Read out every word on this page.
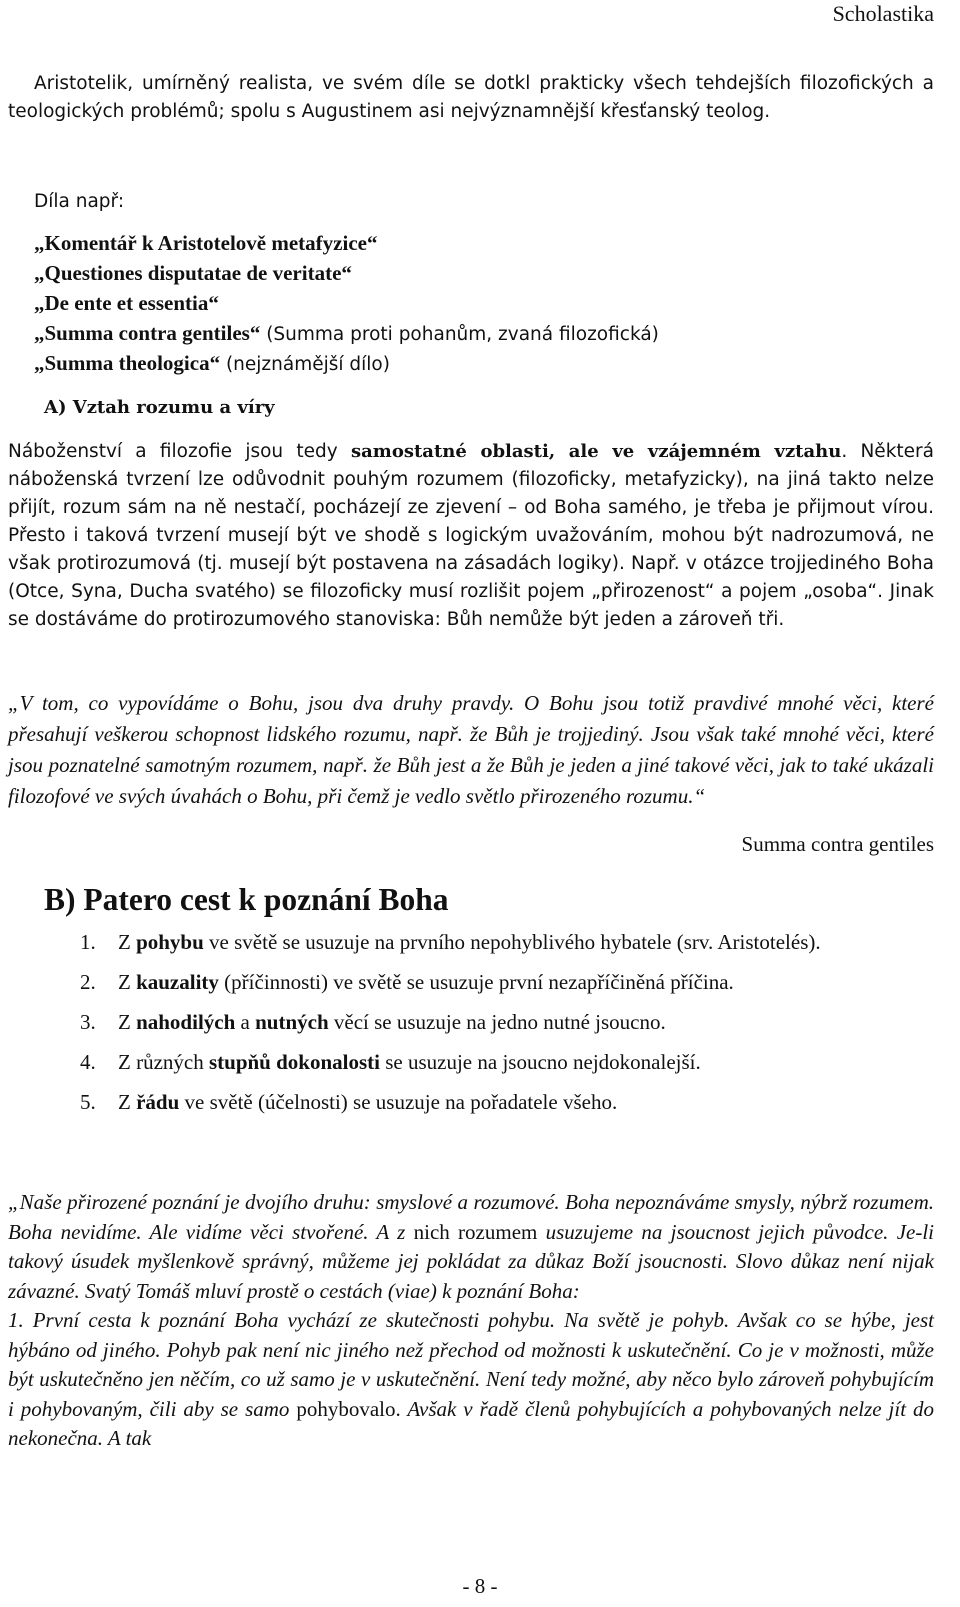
Scholastika

Aristotelik, umírněný realista, ve svém díle se dotkl prakticky všech tehdejších filozofických a teologických problémů; spolu s Augustinem asi nejvýznamnější křesťanský teolog.

Díla např:

„Komentář k Aristotelově metafyzice“
„Questiones disputatae de veritate“
„De ente et essentia“
„Summa contra gentiles“ (Summa proti pohanům, zvaná filozofická)
„Summa theologica“ (nejznámější dílo)
A) Vztah rozumu a víry

Náboženství a filozofie jsou tedy samostatné oblasti, ale ve vzájemném vztahu. Některá náboženská tvrzení lze odůvodnit pouhým rozumem (filozoficky, metafyzicky), na jiná takto nelze přijít, rozum sám na ně nestačí, pocházejí ze zjevení – od Boha samého, je třeba je přijmout vírou. Přesto i taková tvrzení musejí být ve shodě s logickým uvažováním, mohou být nadrozumová, ne však protirozumová (tj. musejí být postavena na zásadách logiky). Např. v otázce trojjediného Boha (Otce, Syna, Ducha svatého) se filozoficky musí rozlišit pojem „přirozenost“ a pojem „osoba“. Jinak se dostáváme do protirozumového stanoviska: Bůh nemůže být jeden a zároveň tři.

„V tom, co vypovídáme o Bohu, jsou dva druhy pravdy. O Bohu jsou totiž pravdivé mnohé věci, které přesahují veškerou schopnost lidského rozumu, např. že Bůh je trojjediný. Jsou však také mnohé věci, které jsou poznatelné samotným rozumem, např. že Bůh jest a že Bůh je jeden a jiné takové věci, jak to také ukázali filozofové ve svých úvahách o Bohu, při čemž je vedlo světlo přirozeného rozumu.“

Summa contra gentiles

B) Patero cest k poznání Boha
1. Z pohybu ve světě se usuzuje na prvního nepohyblivého hybatele (srv. Aristotelés).
2. Z kauzality (příčinnosti) ve světě se usuzuje první nezapříčiněná příčina.
3. Z nahodilých a nutných věcí se usuzuje na jedno nutné jsoucno.
4. Z různých stupňů dokonalosti se usuzuje na jsoucno nejdokonalejší.
5. Z řádu ve světě (účelnosti) se usuzuje na pořadatele všeho.

„Naše přirozené poznání je dvojího druhu: smyslové a rozumové. Boha nepoznáváme smysly, nýbrž rozumem. Boha nevidíme. Ale vidíme věci stvořené. A z nich rozumem usuzujeme na jsoucnost jejich původce. Je-li takový úsudek myšlenkově správný, můžeme jej pokládat za důkaz Boží jsoucnosti. Slovo důkaz není nijak závazné. Svatý Tomáš mluví prostě o cestách (viae) k poznání Boha:
1. První cesta k poznání Boha vychází ze skutečnosti pohybu. Na světě je pohyb. Avšak co se hýbe, jest hýbáno od jiného. Pohyb pak není nic jiného než přechod od možnosti k uskutečnění. Co je v možnosti, může být uskutečněno jen něčím, co už samo je v uskutečnění. Není tedy možné, aby něco bylo zároveň pohybujícím i pohybovaným, čili aby se samo pohybovalo. Avšak v řadě členů pohybujících a pohybovaných nelze jít do nekonečna. A tak

- 8 -
